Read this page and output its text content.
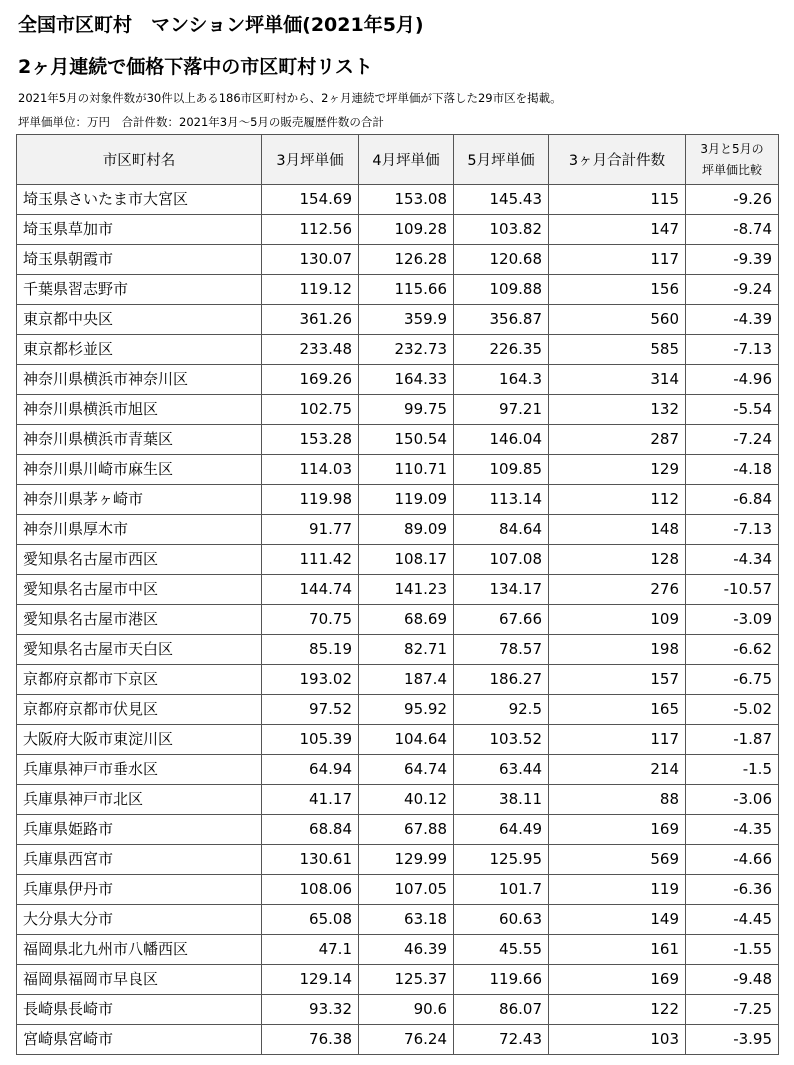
全国市区町村　マンション坪単価(2021年5月)
2ヶ月連続で価格下落中の市区町村リスト
2021年5月の対象件数が30件以上ある186市区町村から、2ヶ月連続で坪単価が下落した29市区を掲載。
坪単価単位：万円　合計件数：2021年3月～5月の販売履歴件数の合計
市区町村名	3月坪単価	4月坪単価	5月坪単価	3ヶ月合計件数	3月と5月の
坪単価比較

埼玉県さいたま市大宮区	154.69	153.08	145.43	115	-9.26
埼玉県草加市	112.56	109.28	103.82	147	-8.74
埼玉県朝霞市	130.07	126.28	120.68	117	-9.39
千葉県習志野市	119.12	115.66	109.88	156	-9.24
東京都中央区	361.26	359.9	356.87	560	-4.39
東京都杉並区	233.48	232.73	226.35	585	-7.13
神奈川県横浜市神奈川区	169.26	164.33	164.3	314	-4.96
神奈川県横浜市旭区	102.75	99.75	97.21	132	-5.54
神奈川県横浜市青葉区	153.28	150.54	146.04	287	-7.24
神奈川県川崎市麻生区	114.03	110.71	109.85	129	-4.18
神奈川県茅ヶ崎市	119.98	119.09	113.14	112	-6.84
神奈川県厚木市	91.77	89.09	84.64	148	-7.13
愛知県名古屋市西区	111.42	108.17	107.08	128	-4.34
愛知県名古屋市中区	144.74	141.23	134.17	276	-10.57
愛知県名古屋市港区	70.75	68.69	67.66	109	-3.09
愛知県名古屋市天白区	85.19	82.71	78.57	198	-6.62
京都府京都市下京区	193.02	187.4	186.27	157	-6.75
京都府京都市伏見区	97.52	95.92	92.5	165	-5.02
大阪府大阪市東淀川区	105.39	104.64	103.52	117	-1.87
兵庫県神戸市垂水区	64.94	64.74	63.44	214	-1.5
兵庫県神戸市北区	41.17	40.12	38.11	88	-3.06
兵庫県姫路市	68.84	67.88	64.49	169	-4.35
兵庫県西宮市	130.61	129.99	125.95	569	-4.66
兵庫県伊丹市	108.06	107.05	101.7	119	-6.36
大分県大分市	65.08	63.18	60.63	149	-4.45
福岡県北九州市八幡西区	47.1	46.39	45.55	161	-1.55
福岡県福岡市早良区	129.14	125.37	119.66	169	-9.48
長崎県長崎市	93.32	90.6	86.07	122	-7.25
宮崎県宮崎市	76.38	76.24	72.43	103	-3.95
